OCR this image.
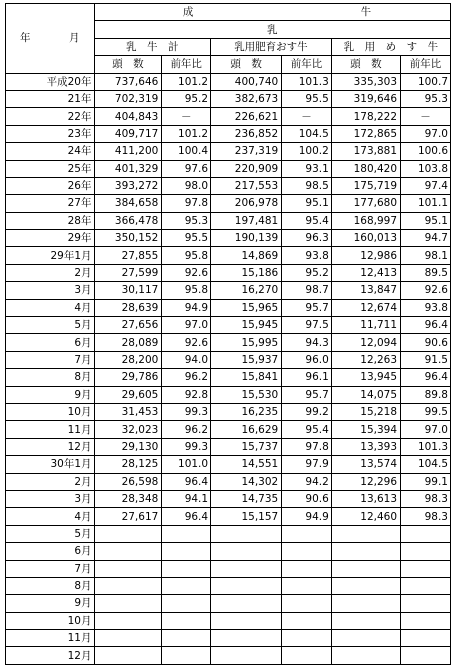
年　月	成			牛		
	乳					
	乳　牛　計		乳用肥育おす牛		乳　用　め　す　牛	
	頭　数	前年比	頭　数	前年比	頭　数	前年比
平成20年	737,646	101.2	400,740	101.3	335,303	100.7
21年	702,319	95.2	382,673	95.5	319,646	95.3
22年	404,843	－	226,621	－	178,222	－
23年	409,717	101.2	236,852	104.5	172,865	97.0
24年	411,200	100.4	237,319	100.2	173,881	100.6
25年	401,329	97.6	220,909	93.1	180,420	103.8
26年	393,272	98.0	217,553	98.5	175,719	97.4
27年	384,658	97.8	206,978	95.1	177,680	101.1
28年	366,478	95.3	197,481	95.4	168,997	95.1
29年	350,152	95.5	190,139	96.3	160,013	94.7
29年1月	27,855	95.8	14,869	93.8	12,986	98.1
2月	27,599	92.6	15,186	95.2	12,413	89.5
3月	30,117	95.8	16,270	98.7	13,847	92.6
4月	28,639	94.9	15,965	95.7	12,674	93.8
5月	27,656	97.0	15,945	97.5	11,711	96.4
6月	28,089	92.6	15,995	94.3	12,094	90.6
7月	28,200	94.0	15,937	96.0	12,263	91.5
8月	29,786	96.2	15,841	96.1	13,945	96.4
9月	29,605	92.8	15,530	95.7	14,075	89.8
10月	31,453	99.3	16,235	99.2	15,218	99.5
11月	32,023	96.2	16,629	95.4	15,394	97.0
12月	29,130	99.3	15,737	97.8	13,393	101.3
30年1月	28,125	101.0	14,551	97.9	13,574	104.5
2月	26,598	96.4	14,302	94.2	12,296	99.1
3月	28,348	94.1	14,735	90.6	13,613	98.3
4月	27,617	96.4	15,157	94.9	12,460	98.3
5月						
6月						
7月						
8月						
9月						
10月						
11月						
12月						
